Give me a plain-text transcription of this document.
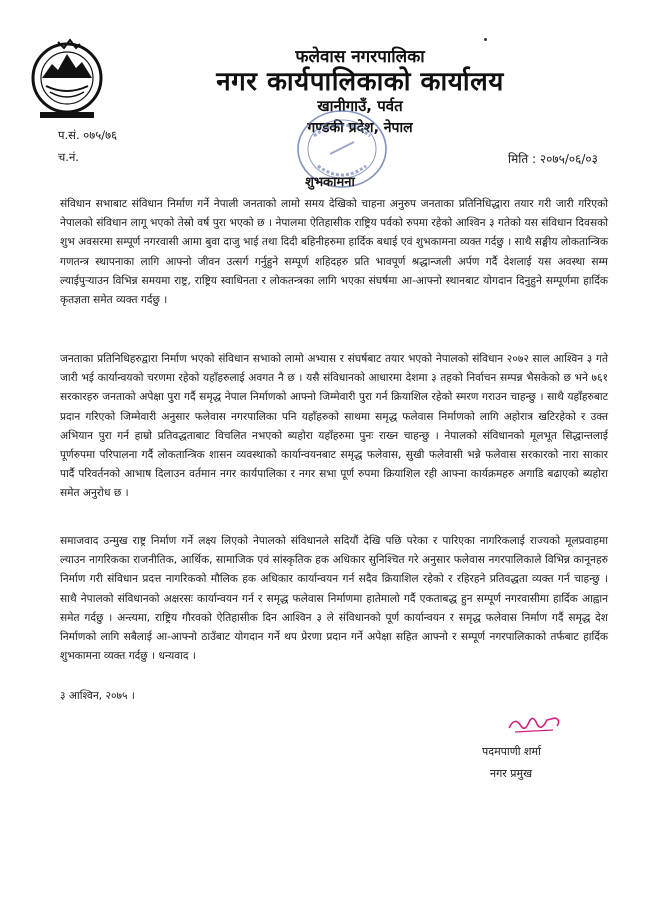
फलेवास नगरपालिका
नगर कार्यपालिकाको कार्यालय
खानीगाउँ, पर्वत
गण्डकी प्रदेश, नेपाल
प.सं. ०७५/७६
च.नं.	मिति : २०७५/०६/०३
शुभकामना
संविधान सभाबाट संविधान निर्माण गर्ने नेपाली जनताको लामो समय देखिको चाहना अनुरुप जनताका प्रतिनिधिद्धारा तयार गरी जारी गरिएको नेपालको संविधान लागू भएको तेस्रो वर्ष पुरा भएको छ । नेपालमा ऐतिहासीक राष्ट्रिय पर्वको रुपमा रहेको आश्विन ३ गतेको यस संविधान दिवसको शुभ अवसरमा सम्पूर्ण नगरवासी आमा बुवा दाजु भाई तथा दिदी बहिनीहरुमा हार्दिक बधाई एवं शुभकामना व्यक्त गर्दछु । साथै सङ्घीय लोकतान्त्रिक गणतन्त्र स्थापनाका लागि आफ्नो जीवन उत्सर्ग गर्नुहुने सम्पूर्ण शहिदहरु प्रति भावपूर्ण श्रद्धान्जली अर्पण गर्दै देशलाई यस अवस्था सम्म ल्याईपुऱ्याउन विभिन्न समयमा राष्ट्र, राष्ट्रिय स्वाधिनता र लोकतन्त्रका लागि भएका संघर्षमा आ-आफ्नो स्थानबाट योगदान दिनुहुने सम्पूर्णमा हार्दिक कृतज्ञता समेत व्यक्त गर्दछु ।
जनताका प्रतिनिधिहरुद्वारा निर्माण भएको संविधान सभाको लामो अभ्यास र संघर्षबाट तयार भएको नेपालको संविधान २०७२ साल आश्विन ३ गते जारी भई कार्यान्वयको चरणमा रहेको यहाँहरुलाई अवगत नै छ । यसै संविधानको आधारमा देशमा ३ तहको निर्वाचन सम्पन्न भैसकेको छ भने ७६१ सरकारहरु जनताको अपेक्षा पुरा गर्दै समृद्ध नेपाल निर्माणको आफ्नो जिम्मेवारी पुरा गर्न क्रियाशिल रहेको स्मरण गराउन चाहन्छु । साथै यहाँहरुबाट प्रदान गरिएको जिम्मेवारी अनुसार फलेवास नगरपालिका पनि यहाँहरुको साथमा समृद्ध फलेवास निर्माणको लागि अहोरात्र खटिरहेको र उक्त अभियान पुरा गर्न हाम्रो प्रतिवद्धताबाट विचलित नभएको ब्यहोरा यहाँहरुमा पुनः राख्न चाहन्छु । नेपालको संविधानको मूलभूत सिद्धान्तलाई पूर्णरुपमा परिपालना गर्दै लोकतान्त्रिक शासन व्यवस्थाको कार्यान्वयनबाट समृद्ध फलेवास, सुखी फलेवासी भन्ने फलेवास सरकारको नारा साकार पार्दै परिवर्तनको आभाष दिलाउन वर्तमान नगर कार्यपालिका र नगर सभा पूर्ण रुपमा क्रियाशिल रही आफ्ना कार्यक्रमहरु अगाडि बढाएको ब्यहोरा समेत अनुरोध छ ।
समाजवाद उन्मुख राष्ट्र निर्माण गर्ने लक्ष्य लिएको नेपालको संविधानले सदियौं देखि पछि परेका र पारिएका नागरिकलाई राज्यको मूलप्रवाहमा ल्याउन नागरिकका राजनीतिक, आर्थिक, सामाजिक एवं सांस्कृतिक हक अधिकार सुनिश्चित गरे अनुसार फलेवास नगरपालिकाले विभिन्न कानूनहरु निर्माण गरी संविधान प्रदत्त नागरिकको मौलिक हक अधिकार कार्यान्वयन गर्न सदैव क्रियाशिल रहेको र रहिरहने प्रतिवद्धता व्यक्त गर्न चाहन्छु । साथै नेपालको संविधानको अक्षरसः कार्यान्वयन गर्न र समृद्ध फलेवास निर्माणमा हातेमालो गर्दै एकताबद्ध हुन सम्पूर्ण नगरवासीमा हार्दिक आह्वान समेत गर्दछु । अन्त्यमा, राष्ट्रिय गौरवको ऐतिहासीक दिन आश्विन ३ ले संविधानको पूर्ण कार्यान्वयन र समृद्ध फलेवास निर्माण गर्दै समृद्ध देश निर्माणको लागि सबैलाई आ-आफ्नो ठाउँबाट योगदान गर्ने थप प्रेरणा प्रदान गर्ने अपेक्षा सहित आफ्नो र सम्पूर्ण नगरपालिकाको तर्फबाट हार्दिक शुभकामना व्यक्त गर्दछु । धन्यवाद ।
३ आश्विन, २०७५ ।
पदमपाणी शर्मा
नगर प्रमुख
